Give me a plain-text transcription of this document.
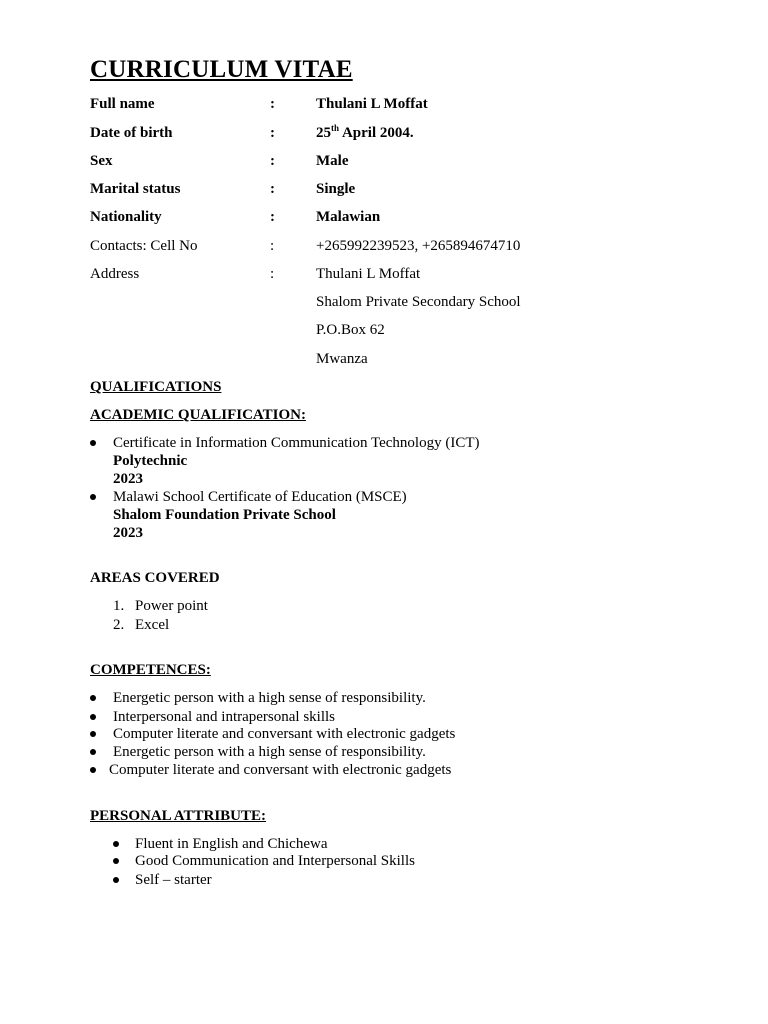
CURRICULUM VITAE
Full name	:	Thulani L Moffat
Date of birth	:	25th April 2004.
Sex	:	Male
Marital status	:	Single
Nationality	:	Malawian
Contacts: Cell No	:	+265992239523, +265894674710
Address	:	Thulani L Moffat
Shalom Private Secondary School
P.O.Box 62
Mwanza
QUALIFICATIONS
ACADEMIC QUALIFICATION:
Certificate in Information Communication Technology (ICT)
Polytechnic
2023
Malawi School Certificate of Education (MSCE)
Shalom Foundation Private School
2023
AREAS COVERED
1. Power point
2. Excel
COMPETENCES:
Energetic person with a high sense of responsibility.
Interpersonal and intrapersonal skills
Computer literate and conversant with electronic gadgets
Energetic person with a high sense of responsibility.
Computer literate and conversant with electronic gadgets
PERSONAL ATTRIBUTE:
Fluent in English and Chichewa
Good Communication and Interpersonal Skills
Self – starter
